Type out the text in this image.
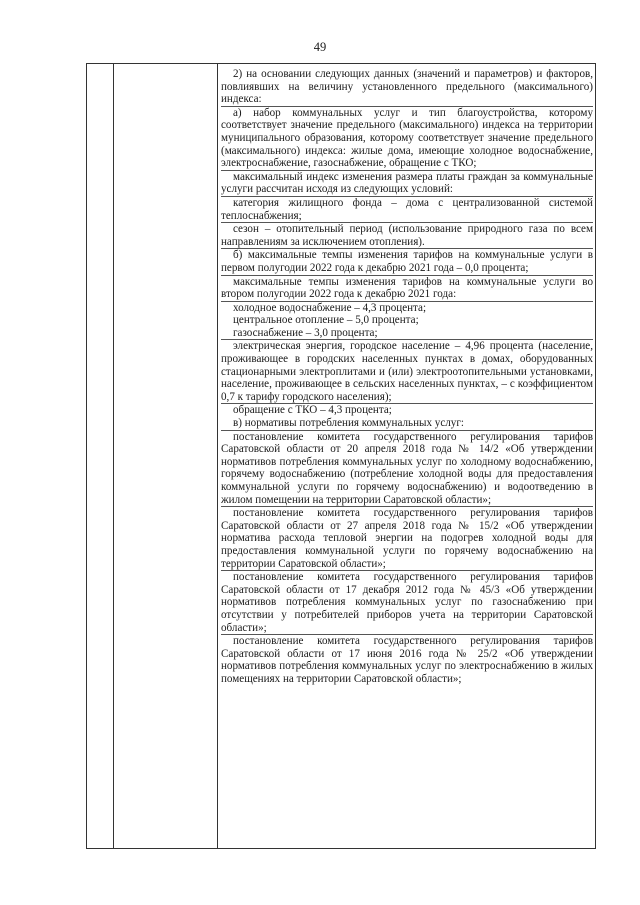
49

2) на основании следующих данных (значений и параметров) и факторов, повлиявших на величину установленного предельного (максимального) индекса:

а) набор коммунальных услуг и тип благоустройства, которому соответствует значение предельного (максимального) индекса на территории муниципального образования, которому соответствует значение предельного (максимального) индекса: жилые дома, имеющие холодное водоснабжение, электроснабжение, газоснабжение, обращение с ТКО;

максимальный индекс изменения размера платы граждан за коммунальные услуги рассчитан исходя из следующих условий:

категория жилищного фонда – дома с централизованной системой теплоснабжения;

сезон – отопительный период (использование природного газа по всем направлениям за исключением отопления).

б) максимальные темпы изменения тарифов на коммунальные услуги в первом полугодии 2022 года к декабрю 2021 года – 0,0 процента;

максимальные темпы изменения тарифов на коммунальные услуги во втором полугодии 2022 года к декабрю 2021 года:

холодное водоснабжение – 4,3 процента;

центральное отопление – 5,0 процента;

газоснабжение – 3,0 процента;

электрическая энергия, городское население – 4,96 процента (население, проживающее в городских населенных пунктах в домах, оборудованных стационарными электроплитами и (или) электроотопительными установками, население, проживающее в сельских населенных пунктах, – с коэффициентом 0,7 к тарифу городского населения);

обращение с ТКО – 4,3 процента;

в) нормативы потребления коммунальных услуг:

постановление комитета государственного регулирования тарифов Саратовской области от 20 апреля 2018 года № 14/2 «Об утверждении нормативов потребления коммунальных услуг по холодному водоснабжению, горячему водоснабжению (потребление холодной воды для предоставления коммунальной услуги по горячему водоснабжению) и водоотведению в жилом помещении на территории Саратовской области»;

постановление комитета государственного регулирования тарифов Саратовской области от 27 апреля 2018 года № 15/2 «Об утверждении норматива расхода тепловой энергии на подогрев холодной воды для предоставления коммунальной услуги по горячему водоснабжению на территории Саратовской области»;

постановление комитета государственного регулирования тарифов Саратовской области от 17 декабря 2012 года № 45/3 «Об утверждении нормативов потребления коммунальных услуг по газоснабжению при отсутствии у потребителей приборов учета на территории Саратовской области»;

постановление комитета государственного регулирования тарифов Саратовской области от 17 июня 2016 года № 25/2 «Об утверждении нормативов потребления коммунальных услуг по электроснабжению в жилых помещениях на территории Саратовской области»;
